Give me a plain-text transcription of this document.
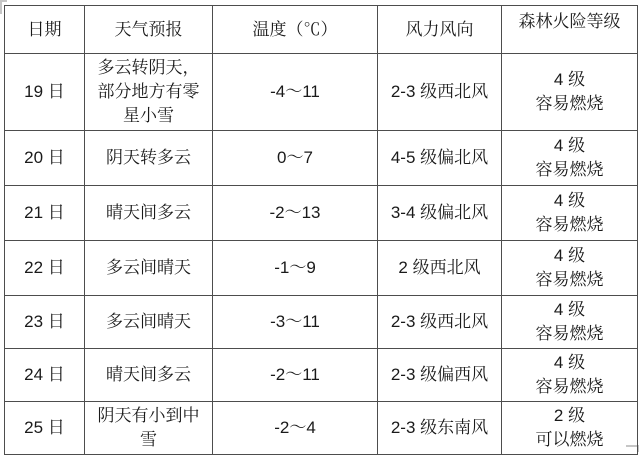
日期	天气预报	温度（℃）	风力风向	森林火险等级
19 日	多云转阴天，部分地方有零星小雪	-4～11	2-3 级西北风	4 级
容易燃烧

20 日	阴天转多云	0～7	4-5 级偏北风	4 级
容易燃烧

21 日	晴天间多云	-2～13	3-4 级偏北风	4 级
容易燃烧

22 日	多云间晴天	-1～9	2 级西北风	4 级
容易燃烧

23 日	多云间晴天	-3～11	2-3 级西北风	4 级
容易燃烧

24 日	晴天间多云	-2～11	2-3 级偏西风	4 级
容易燃烧

25 日	阴天有小到中雪	-2～4	2-3 级东南风	2 级
可以燃烧
